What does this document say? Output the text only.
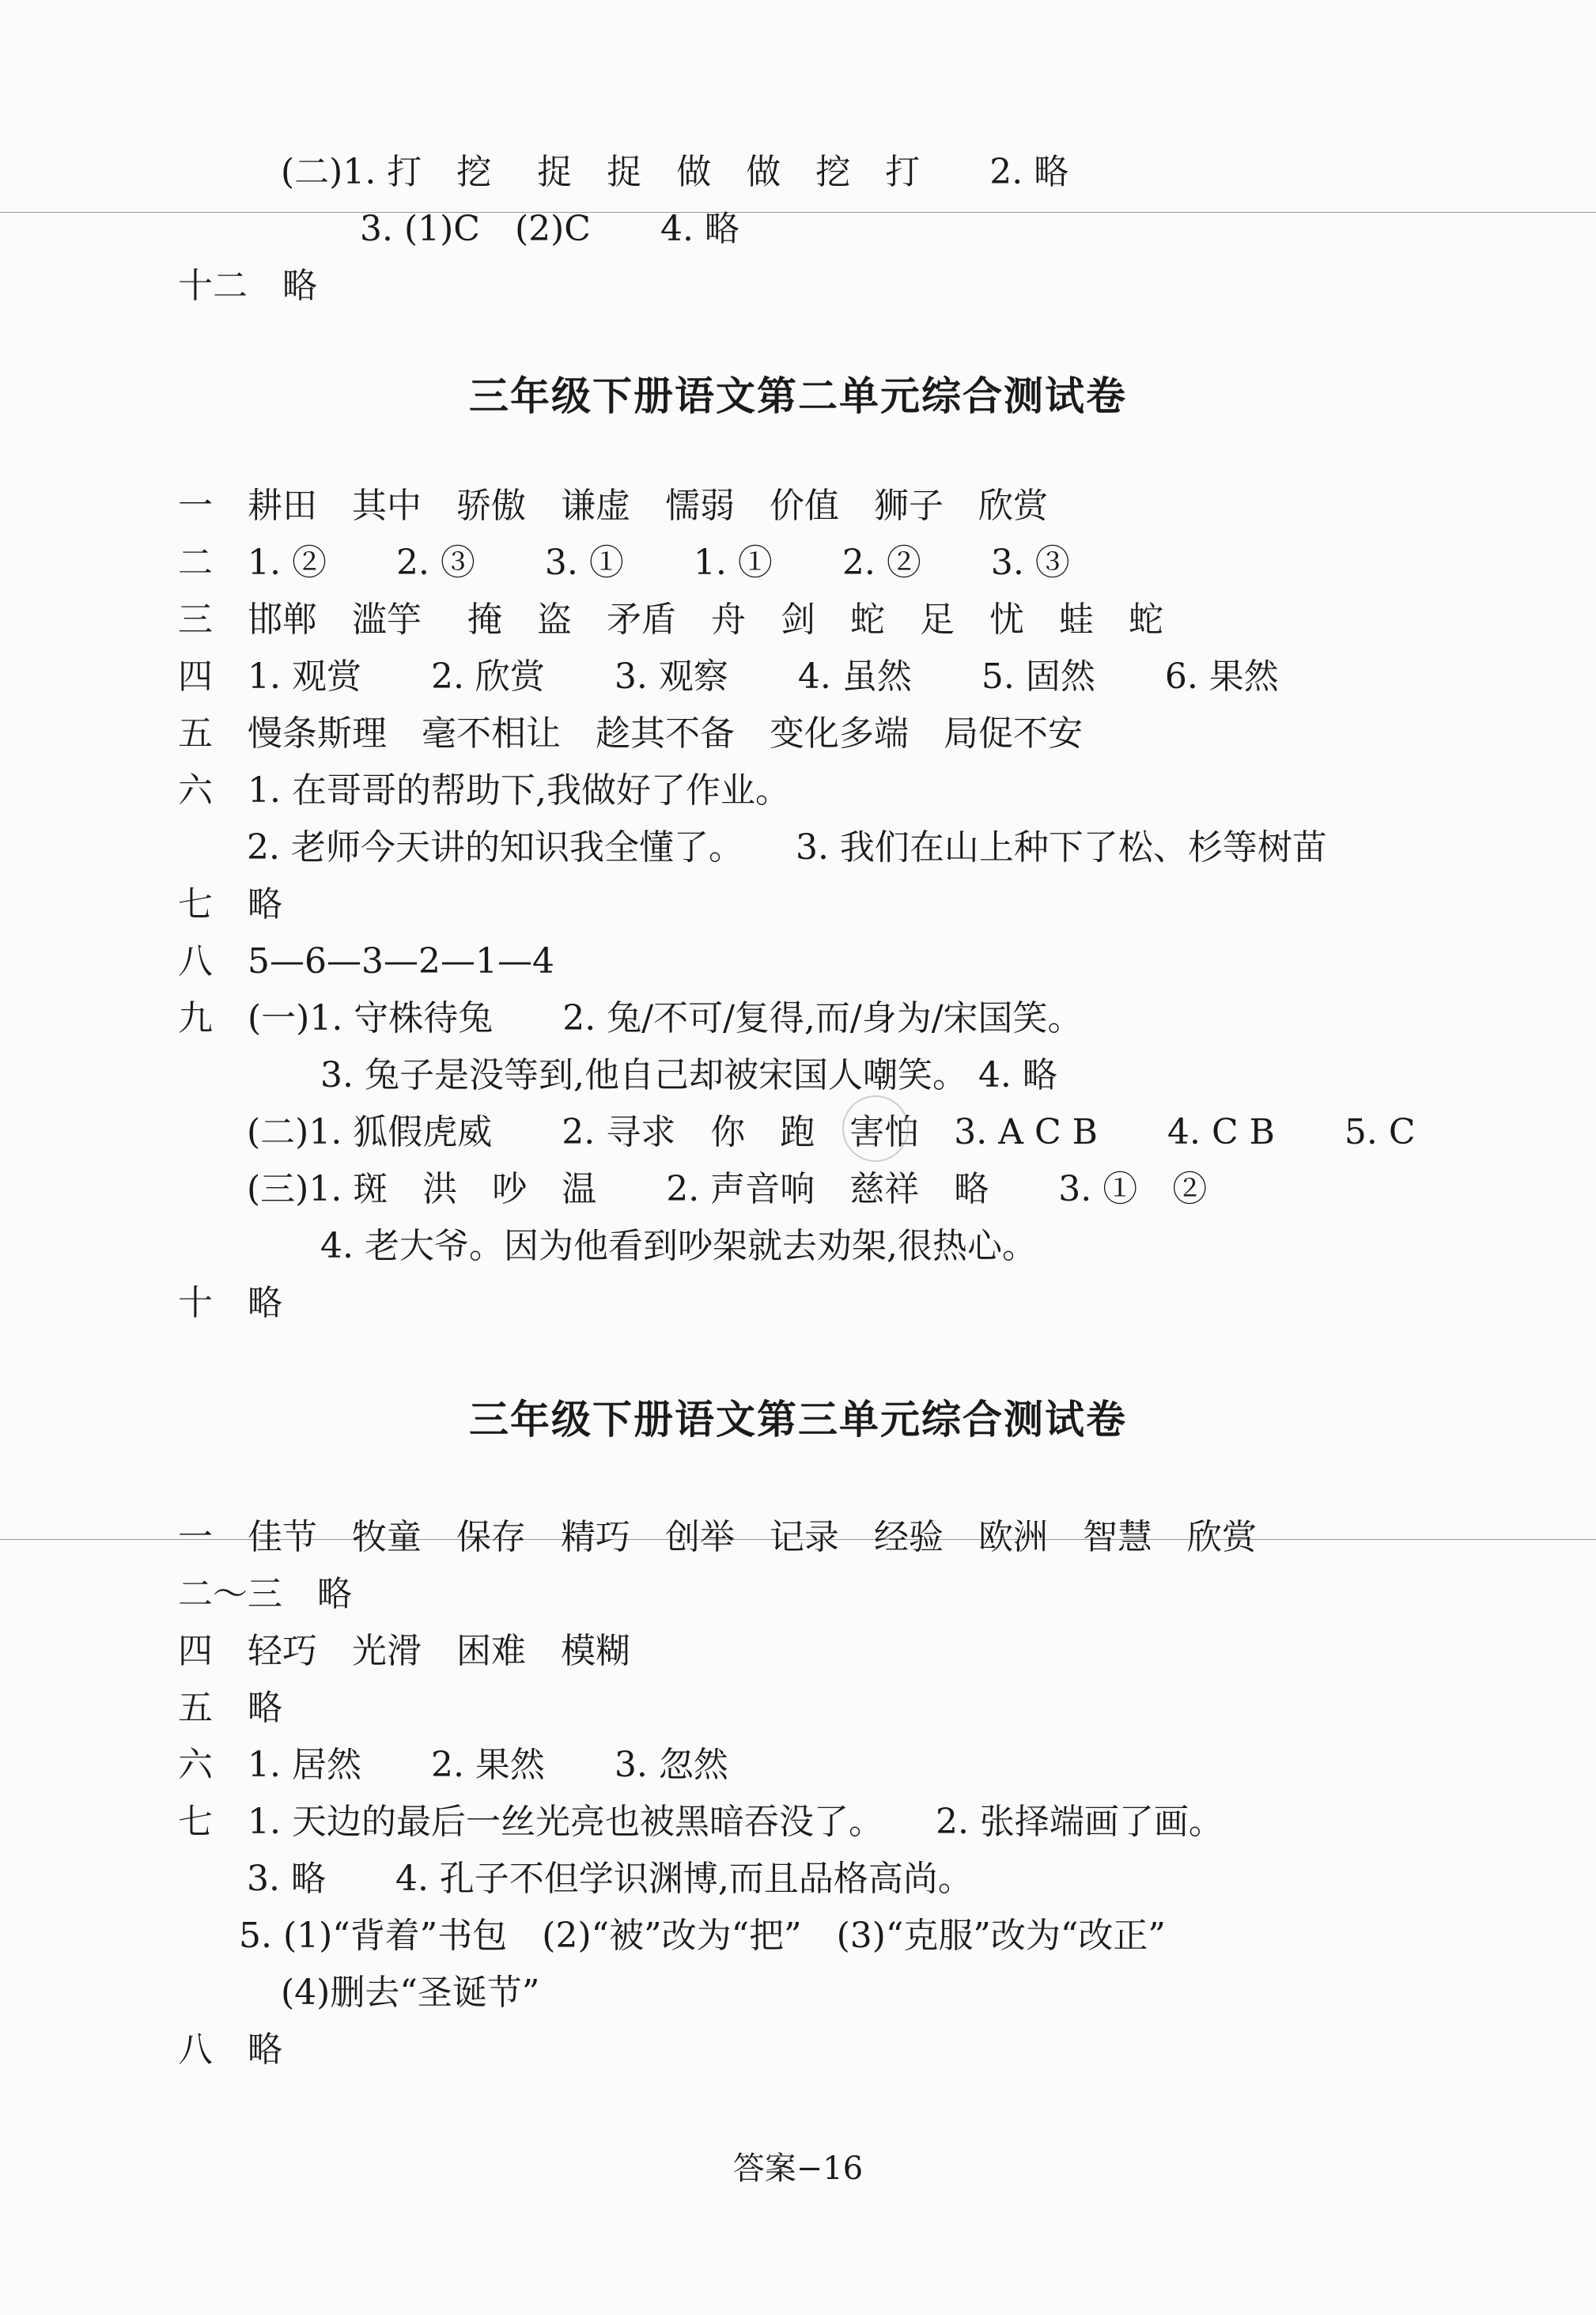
(二)1. 打　挖　 捉　捉　做　做　挖　打　　2. 略
3. (1)C　(2)C　　4. 略
十二　略
三年级下册语文第二单元综合测试卷
一　耕田　其中　骄傲　谦虚　懦弱　价值　狮子　欣赏
二　1. ②　　2. ③　　3. ①　　1. ①　　2. ②　　3. ③
三　邯郸　滥竽　 掩　盗　矛盾　舟　剑　蛇　足　忧　蛙　蛇
四　1. 观赏　　2. 欣赏　　3. 观察　　4. 虽然　　5. 固然　　6. 果然
五　慢条斯理　毫不相让　趁其不备　变化多端　局促不安
六　1. 在哥哥的帮助下,我做好了作业。
2. 老师今天讲的知识我全懂了。　　3. 我们在山上种下了松、杉等树苗
七　略
八　5—6—3—2—1—4
九　(一)1. 守株待兔　　2. 兔/不可/复得,而/身为/宋国笑。
3. 兔子是没等到,他自己却被宋国人嘲笑。 4. 略
(二)1. 狐假虎威　　2. 寻求　你　跑　害怕　3. A C B　　4. C B　　5. C
(三)1. 斑　洪　吵　温　　2. 声音响　慈祥　略　　3. ①　②
4. 老大爷。因为他看到吵架就去劝架,很热心。
十　略
三年级下册语文第三单元综合测试卷
一　佳节　牧童　保存　精巧　创举　记录　经验　欧洲　智慧　欣赏
二～三　略
四　轻巧　光滑　困难　模糊
五　略
六　1. 居然　　2. 果然　　3. 忽然
七　1. 天边的最后一丝光亮也被黑暗吞没了。　　2. 张择端画了画。
3. 略　　4. 孔子不但学识渊博,而且品格高尚。
5. (1)“背着”书包　(2)“被”改为“把”　(3)“克服”改为“改正”
(4)删去“圣诞节”
八　略
答案−16
